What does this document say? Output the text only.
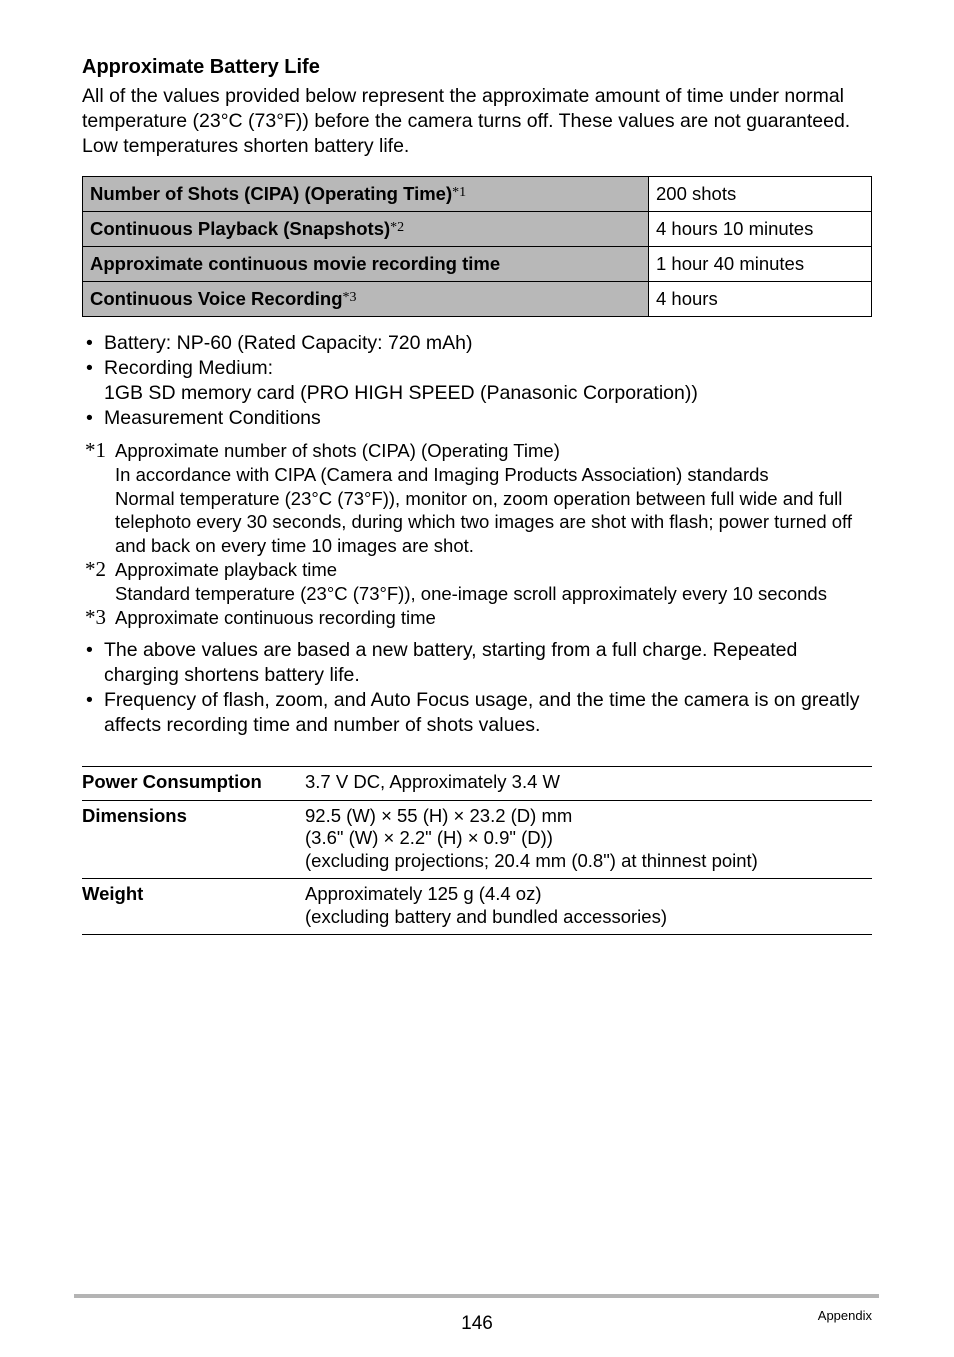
Approximate Battery Life

All of the values provided below represent the approximate amount of time under normal temperature (23°C (73°F)) before the camera turns off. These values are not guaranteed. Low temperatures shorten battery life.

Number of Shots (CIPA) (Operating Time)$^{*1}$	200 shots
Continuous Playback (Snapshots)$^{*2}$	4 hours 10 minutes
Approximate continuous movie recording time	1 hour 40 minutes
Continuous Voice Recording$^{*3}$	4 hours
• Battery: NP-60 (Rated Capacity: 720 mAh)
• Recording Medium:
1GB SD memory card (PRO HIGH SPEED (Panasonic Corporation))
• Measurement Conditions
*1 Approximate number of shots (CIPA) (Operating Time)
In accordance with CIPA (Camera and Imaging Products Association) standards
Normal temperature (23°C (73°F)), monitor on, zoom operation between full wide and full telephoto every 30 seconds, during which two images are shot with flash; power turned off and back on every time 10 images are shot.
*2 Approximate playback time
Standard temperature (23°C (73°F)), one-image scroll approximately every 10 seconds
*3 Approximate continuous recording time
• The above values are based a new battery, starting from a full charge. Repeated charging shortens battery life.
• Frequency of flash, zoom, and Auto Focus usage, and the time the camera is on greatly affects recording time and number of shots values.
Power Consumption	3.7 V DC, Approximately 3.4 W

Dimensions	92.5 (W) × 55 (H) × 23.2 (D) mm
(3.6" (W) × 2.2" (H) × 0.9" (D))
(excluding projections; 20.4 mm (0.8") at thinnest point)

Weight	Approximately 125 g (4.4 oz)
(excluding battery and bundled accessories)
146	Appendix
